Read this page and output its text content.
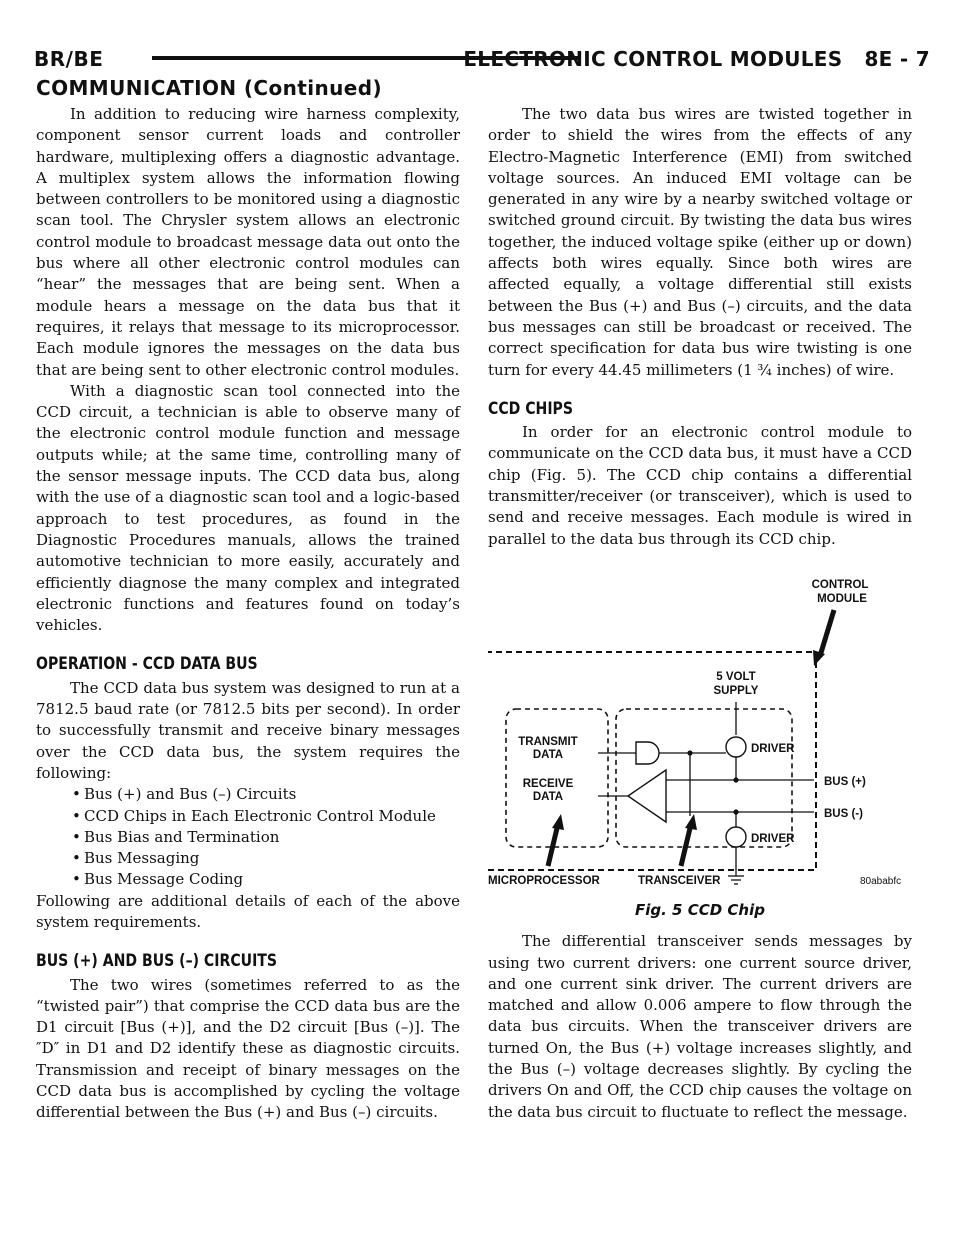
BR/BE	ELECTRONIC CONTROL MODULES 8E - 7
COMMUNICATION (Continued)

In addition to reducing wire harness complexity, component sensor current loads and controller hardware, multiplexing offers a diagnostic advantage. A multiplex system allows the information flowing between controllers to be monitored using a diagnostic scan tool. The Chrysler system allows an electronic control module to broadcast message data out onto the bus where all other electronic control modules can “hear” the messages that are being sent. When a module hears a message on the data bus that it requires, it relays that message to its microprocessor. Each module ignores the messages on the data bus that are being sent to other electronic control modules.

With a diagnostic scan tool connected into the CCD circuit, a technician is able to observe many of the electronic control module function and message outputs while; at the same time, controlling many of the sensor message inputs. The CCD data bus, along with the use of a diagnostic scan tool and a logic-based approach to test procedures, as found in the Diagnostic Procedures manuals, allows the trained automotive technician to more easily, accurately and efficiently diagnose the many complex and integrated electronic functions and features found on today’s vehicles.

OPERATION - CCD DATA BUS

The CCD data bus system was designed to run at a 7812.5 baud rate (or 7812.5 bits per second). In order to successfully transmit and receive binary messages over the CCD data bus, the system requires the following:

• Bus (+) and Bus (–) Circuits
• CCD Chips in Each Electronic Control Module
• Bus Bias and Termination
• Bus Messaging
• Bus Message Coding

Following are additional details of each of the above system requirements.

BUS (+) AND BUS (–) CIRCUITS

The two wires (sometimes referred to as the “twisted pair”) that comprise the CCD data bus are the D1 circuit [Bus (+)], and the D2 circuit [Bus (–)]. The ″D″ in D1 and D2 identify these as diagnostic circuits. Transmission and receipt of binary messages on the CCD data bus is accomplished by cycling the voltage differential between the Bus (+) and Bus (–) circuits.

The two data bus wires are twisted together in order to shield the wires from the effects of any Electro-Magnetic Interference (EMI) from switched voltage sources. An induced EMI voltage can be generated in any wire by a nearby switched voltage or switched ground circuit. By twisting the data bus wires together, the induced voltage spike (either up or down) affects both wires equally. Since both wires are affected equally, a voltage differential still exists between the Bus (+) and Bus (–) circuits, and the data bus messages can still be broadcast or received. The correct specification for data bus wire twisting is one turn for every 44.45 millimeters (1 ¾ inches) of wire.

CCD CHIPS

In order for an electronic control module to communicate on the CCD data bus, it must have a CCD chip (Fig. 5). The CCD chip contains a differential transmitter/receiver (or transceiver), which is used to send and receive messages. Each module is wired in parallel to the data bus through its CCD chip.

CONTROL
MODULE
5 VOLT
SUPPLY
TRANSMIT
DATA
RECEIVE
DATA
DRIVER
DRIVER
BUS (+)
BUS (-)
MICROPROCESSOR	TRANSCEIVER	80ababfc
Fig. 5 CCD Chip

The differential transceiver sends messages by using two current drivers: one current source driver, and one current sink driver. The current drivers are matched and allow 0.006 ampere to flow through the data bus circuits. When the transceiver drivers are turned On, the Bus (+) voltage increases slightly, and the Bus (–) voltage decreases slightly. By cycling the drivers On and Off, the CCD chip causes the voltage on the data bus circuit to fluctuate to reflect the message.
